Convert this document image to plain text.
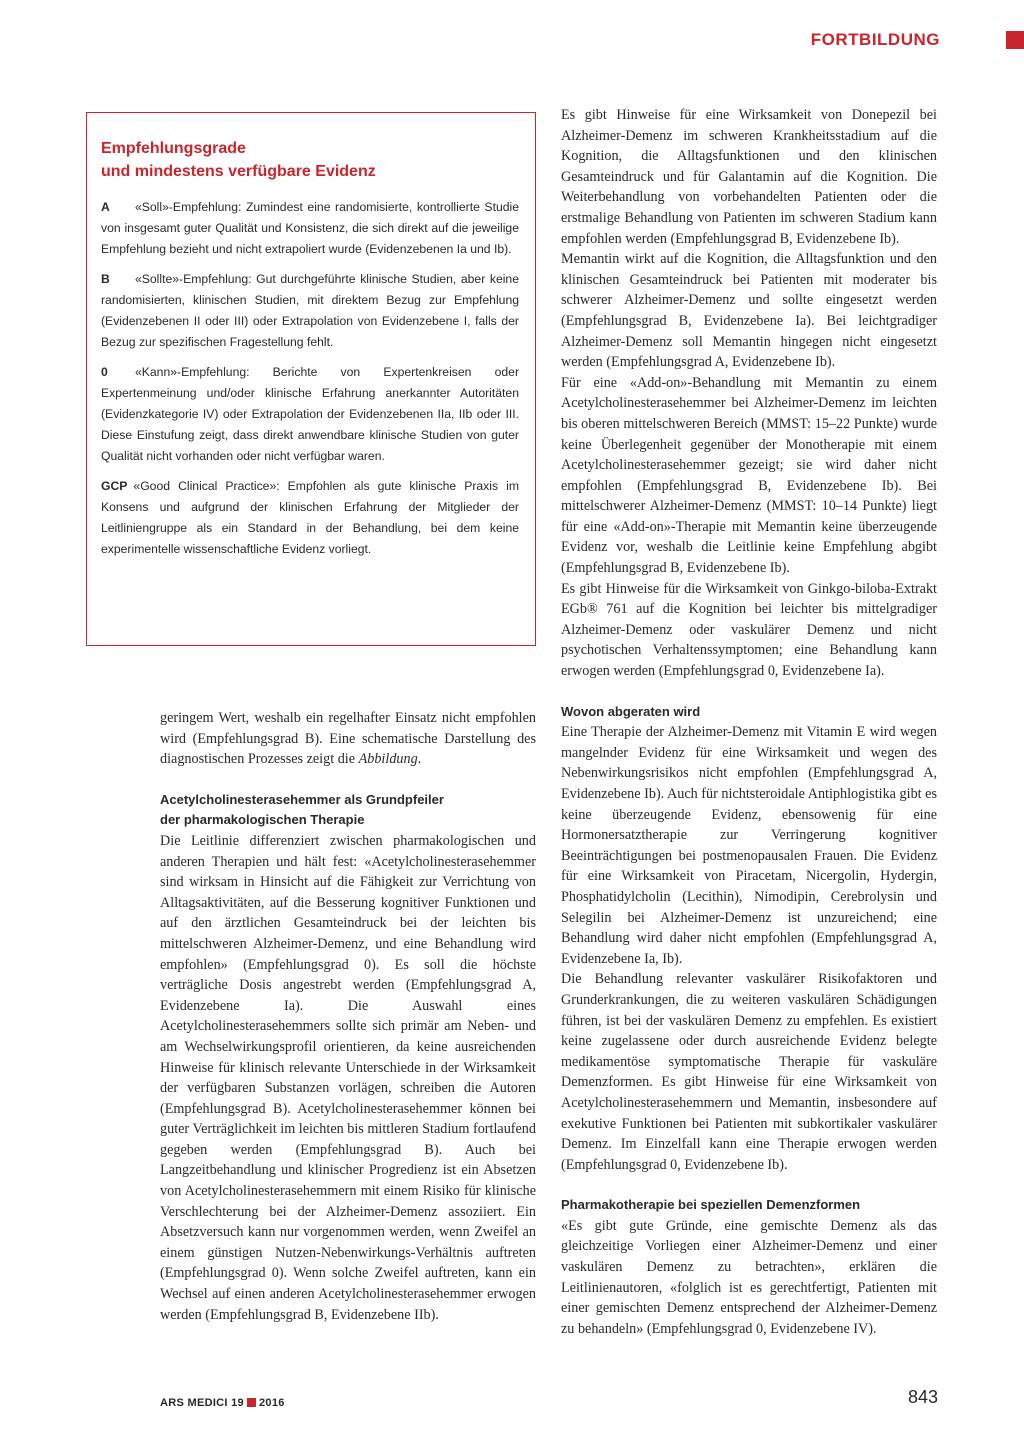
FORTBILDUNG
Empfehlungsgrade
und mindestens verfügbare Evidenz

A «Soll»-Empfehlung: Zumindest eine randomisierte, kontrollierte Studie von insgesamt guter Qualität und Konsistenz, die sich direkt auf die jeweilige Empfehlung bezieht und nicht extrapoliert wurde (Evidenzebenen Ia und Ib).

B «Sollte»-Empfehlung: Gut durchgeführte klinische Studien, aber keine randomisierten, klinischen Studien, mit direktem Bezug zur Empfehlung (Evidenzebenen II oder III) oder Extrapolation von Evidenzebene I, falls der Bezug zur spezifischen Fragestellung fehlt.

0 «Kann»-Empfehlung: Berichte von Expertenkreisen oder Expertenmeinung und/oder klinische Erfahrung anerkannter Autoritäten (Evidenzkategorie IV) oder Extrapolation der Evidenzebenen IIa, IIb oder III. Diese Einstufung zeigt, dass direkt anwendbare klinische Studien von guter Qualität nicht vorhanden oder nicht verfügbar waren.

GCP «Good Clinical Practice»: Empfohlen als gute klinische Praxis im Konsens und aufgrund der klinischen Erfahrung der Mitglieder der Leitliniengruppe als ein Standard in der Behandlung, bei dem keine experimentelle wissenschaftliche Evidenz vorliegt.

geringem Wert, weshalb ein regelhafter Einsatz nicht empfohlen wird (Empfehlungsgrad B). Eine schematische Darstellung des diagnostischen Prozesses zeigt die Abbildung.

Acetylcholinesterasehemmer als Grundpfeiler
der pharmakologischen Therapie

Die Leitlinie differenziert zwischen pharmakologischen und anderen Therapien und hält fest: «Acetylcholinesterasehemmer sind wirksam in Hinsicht auf die Fähigkeit zur Verrichtung von Alltagsaktivitäten, auf die Besserung kognitiver Funktionen und auf den ärztlichen Gesamteindruck bei der leichten bis mittelschweren Alzheimer-Demenz, und eine Behandlung wird empfohlen» (Empfehlungsgrad 0). Es soll die höchste verträgliche Dosis angestrebt werden (Empfehlungsgrad A, Evidenzebene Ia). Die Auswahl eines Acetylcholinesterasehemmers sollte sich primär am Neben- und am Wechselwirkungsprofil orientieren, da keine ausreichenden Hinweise für klinisch relevante Unterschiede in der Wirksamkeit der verfügbaren Substanzen vorlägen, schreiben die Autoren (Empfehlungsgrad B). Acetylcholinesterasehemmer können bei guter Verträglichkeit im leichten bis mittleren Stadium fortlaufend gegeben werden (Empfehlungsgrad B). Auch bei Langzeitbehandlung und klinischer Progredienz ist ein Absetzen von Acetylcholinesterasehemmern mit einem Risiko für klinische Verschlechterung bei der Alzheimer-Demenz assoziiert. Ein Absetzversuch kann nur vorgenommen werden, wenn Zweifel an einem günstigen Nutzen-Nebenwirkungs-Verhältnis auftreten (Empfehlungsgrad 0). Wenn solche Zweifel auftreten, kann ein Wechsel auf einen anderen Acetylcholinesterasehemmer erwogen werden (Empfehlungsgrad B, Evidenzebene IIb).

Es gibt Hinweise für eine Wirksamkeit von Donepezil bei Alzheimer-Demenz im schweren Krankheitsstadium auf die Kognition, die Alltagsfunktionen und den klinischen Gesamteindruck und für Galantamin auf die Kognition. Die Weiterbehandlung von vorbehandelten Patienten oder die erstmalige Behandlung von Patienten im schweren Stadium kann empfohlen werden (Empfehlungsgrad B, Evidenzebene Ib).

Memantin wirkt auf die Kognition, die Alltagsfunktion und den klinischen Gesamteindruck bei Patienten mit moderater bis schwerer Alzheimer-Demenz und sollte eingesetzt werden (Empfehlungsgrad B, Evidenzebene Ia). Bei leichtgradiger Alzheimer-Demenz soll Memantin hingegen nicht eingesetzt werden (Empfehlungsgrad A, Evidenzebene Ib).

Für eine «Add-on»-Behandlung mit Memantin zu einem Acetylcholinesterasehemmer bei Alzheimer-Demenz im leichten bis oberen mittelschweren Bereich (MMST: 15–22 Punkte) wurde keine Überlegenheit gegenüber der Monotherapie mit einem Acetylcholinesterasehemmer gezeigt; sie wird daher nicht empfohlen (Empfehlungsgrad B, Evidenzebene Ib). Bei mittelschwerer Alzheimer-Demenz (MMST: 10–14 Punkte) liegt für eine «Add-on»-Therapie mit Memantin keine überzeugende Evidenz vor, weshalb die Leitlinie keine Empfehlung abgibt (Empfehlungsgrad B, Evidenzebene Ib).

Es gibt Hinweise für die Wirksamkeit von Ginkgo-biloba-Extrakt EGb® 761 auf die Kognition bei leichter bis mittelgradiger Alzheimer-Demenz oder vaskulärer Demenz und nicht psychotischen Verhaltenssymptomen; eine Behandlung kann erwogen werden (Empfehlungsgrad 0, Evidenzebene Ia).

Wovon abgeraten wird

Eine Therapie der Alzheimer-Demenz mit Vitamin E wird wegen mangelnder Evidenz für eine Wirksamkeit und wegen des Nebenwirkungsrisikos nicht empfohlen (Empfehlungsgrad A, Evidenzebene Ib). Auch für nichtsteroidale Antiphlogistika gibt es keine überzeugende Evidenz, ebensowenig für eine Hormonersatztherapie zur Verringerung kognitiver Beeinträchtigungen bei postmenopausalen Frauen. Die Evidenz für eine Wirksamkeit von Piracetam, Nicergolin, Hydergin, Phosphatidylcholin (Lecithin), Nimodipin, Cerebrolysin und Selegilin bei Alzheimer-Demenz ist unzureichend; eine Behandlung wird daher nicht empfohlen (Empfehlungsgrad A, Evidenzebene Ia, Ib).

Die Behandlung relevanter vaskulärer Risikofaktoren und Grunderkrankungen, die zu weiteren vaskulären Schädigungen führen, ist bei der vaskulären Demenz zu empfehlen. Es existiert keine zugelassene oder durch ausreichende Evidenz belegte medikamentöse symptomatische Therapie für vaskuläre Demenzformen. Es gibt Hinweise für eine Wirksamkeit von Acetylcholinesterasehemmern und Memantin, insbesondere auf exekutive Funktionen bei Patienten mit subkortikaler vaskulärer Demenz. Im Einzelfall kann eine Therapie erwogen werden (Empfehlungsgrad 0, Evidenzebene Ib).

Pharmakotherapie bei speziellen Demenzformen

«Es gibt gute Gründe, eine gemischte Demenz als das gleichzeitige Vorliegen einer Alzheimer-Demenz und einer vaskulären Demenz zu betrachten», erklären die Leitlinienautoren, «folglich ist es gerechtfertigt, Patienten mit einer gemischten Demenz entsprechend der Alzheimer-Demenz zu behandeln» (Empfehlungsgrad 0, Evidenzebene IV).

ARS MEDICI 19 2016	843
